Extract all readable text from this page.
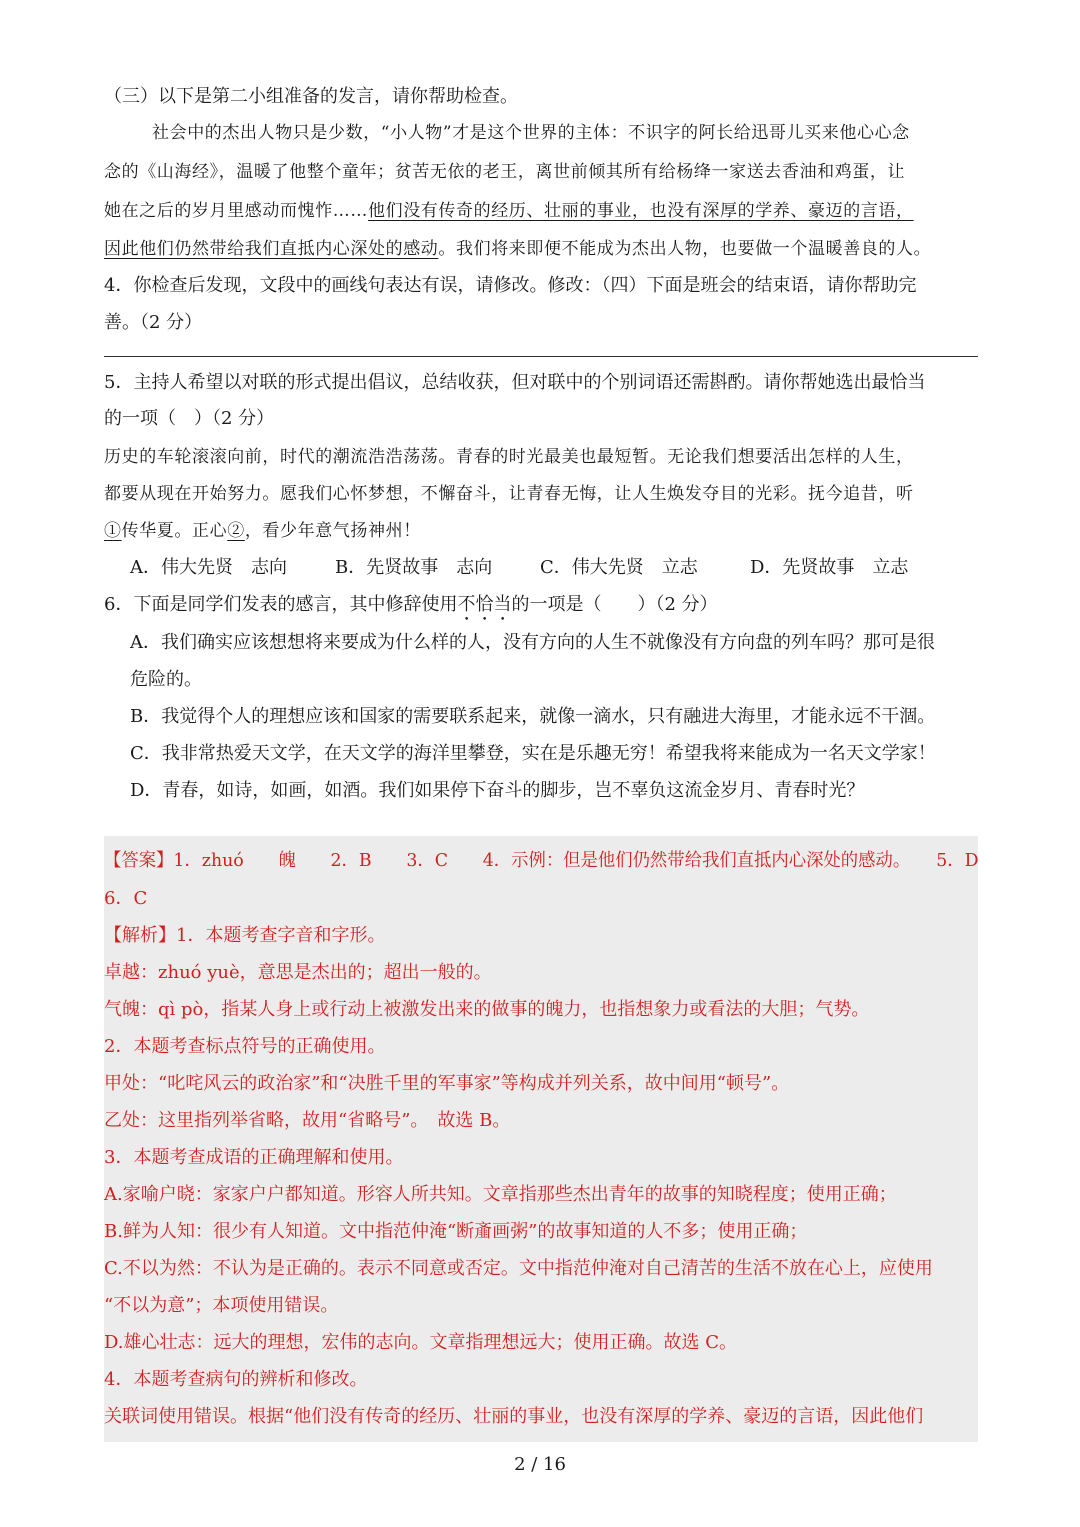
（三）以下是第二小组准备的发言，请你帮助检查。
社会中的杰出人物只是少数，“小人物”才是这个世界的主体：不识字的阿长给迅哥儿买来他心心念
念的《山海经》，温暖了他整个童年；贫苦无依的老王，离世前倾其所有给杨绛一家送去香油和鸡蛋，让
她在之后的岁月里感动而愧怍……他们没有传奇的经历、壮丽的事业，也没有深厚的学养、豪迈的言语，
因此他们仍然带给我们直抵内心深处的感动。我们将来即便不能成为杰出人物，也要做一个温暖善良的人。
4．你检查后发现，文段中的画线句表达有误，请修改。修改：（四）下面是班会的结束语，请你帮助完
善。（2 分）
5．主持人希望以对联的形式提出倡议，总结收获，但对联中的个别词语还需斟酌。请你帮她选出最恰当
的一项（　）（2 分）
历史的车轮滚滚向前，时代的潮流浩浩荡荡。青春的时光最美也最短暂。无论我们想要活出怎样的人生，
都要从现在开始努力。愿我们心怀梦想，不懈奋斗，让青春无悔，让人生焕发夺目的光彩。抚今追昔，听
①传华夏。正心②，看少年意气扬神州！
A．伟大先贤　志向	B．先贤故事　志向	C．伟大先贤　立志	D．先贤故事　立志
6．下面是同学们发表的感言，其中修辞使用不恰当的一项是（　　）（2 分）
A．我们确实应该想想将来要成为什么样的人，没有方向的人生不就像没有方向盘的列车吗？那可是很
危险的。
B．我觉得个人的理想应该和国家的需要联系起来，就像一滴水，只有融进大海里，才能永远不干涸。
C．我非常热爱天文学，在天文学的海洋里攀登，实在是乐趣无穷！希望我将来能成为一名天文学家！
D．青春，如诗，如画，如酒。我们如果停下奋斗的脚步，岂不辜负这流金岁月、青春时光？
【答案】1．zhuó　　魄　　2．B　　3．C　　4．示例：但是他们仍然带给我们直抵内心深处的感动。　　5．D
6．C
【解析】1．本题考查字音和字形。
卓越：zhuó yuè，意思是杰出的；超出一般的。
气魄：qì pò，指某人身上或行动上被激发出来的做事的魄力，也指想象力或看法的大胆；气势。
2．本题考查标点符号的正确使用。
甲处：“叱咤风云的政治家”和“决胜千里的军事家”等构成并列关系，故中间用“顿号”。
乙处：这里指列举省略，故用“省略号”。　故选 B。
3．本题考查成语的正确理解和使用。
A.家喻户晓：家家户户都知道。形容人所共知。文章指那些杰出青年的故事的知晓程度；使用正确；
B.鲜为人知：很少有人知道。文中指范仲淹“断齑画粥”的故事知道的人不多；使用正确；
C.不以为然：不认为是正确的。表示不同意或否定。文中指范仲淹对自己清苦的生活不放在心上，应使用
“不以为意”；本项使用错误。
D.雄心壮志：远大的理想，宏伟的志向。文章指理想远大；使用正确。故选 C。
4．本题考查病句的辨析和修改。
关联词使用错误。根据“他们没有传奇的经历、壮丽的事业，也没有深厚的学养、豪迈的言语，因此他们
2 / 16
